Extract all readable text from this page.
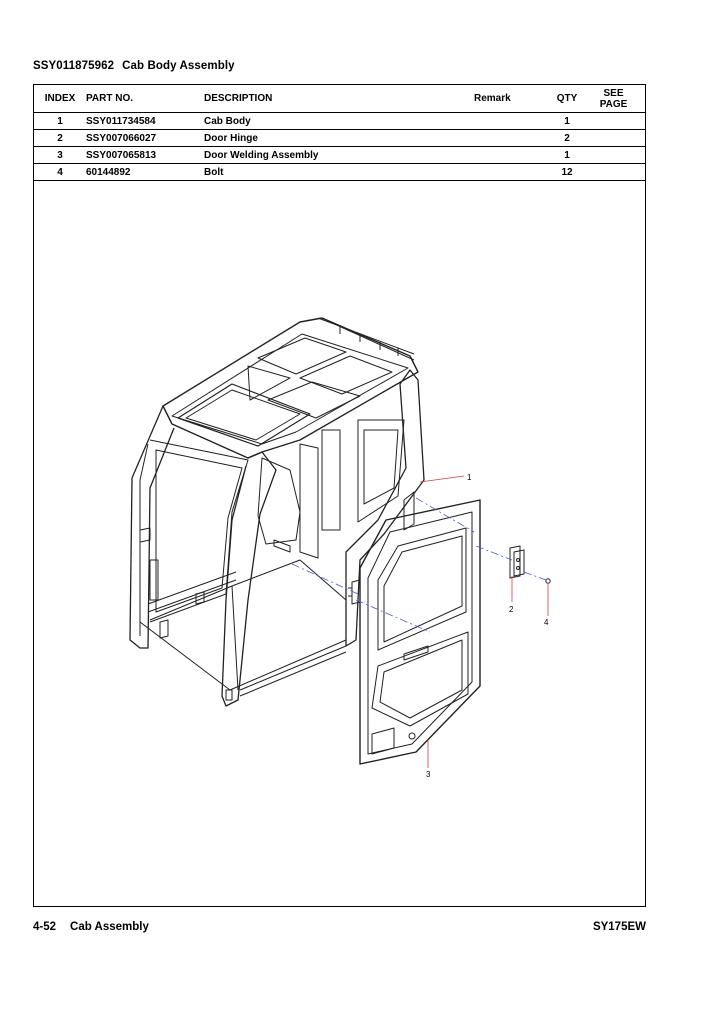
SSY011875962 Cab Body Assembly
INDEX	PART NO.	DESCRIPTION	Remark	QTY	SEE
PAGE
1	SSY011734584	Cab Body		1	
2	SSY007066027	Door Hinge		2	
3	SSY007065813	Door Welding Assembly		1	
4	60144892	Bolt		12	
1
2
3
4
4-52 Cab Assembly	SY175EW
